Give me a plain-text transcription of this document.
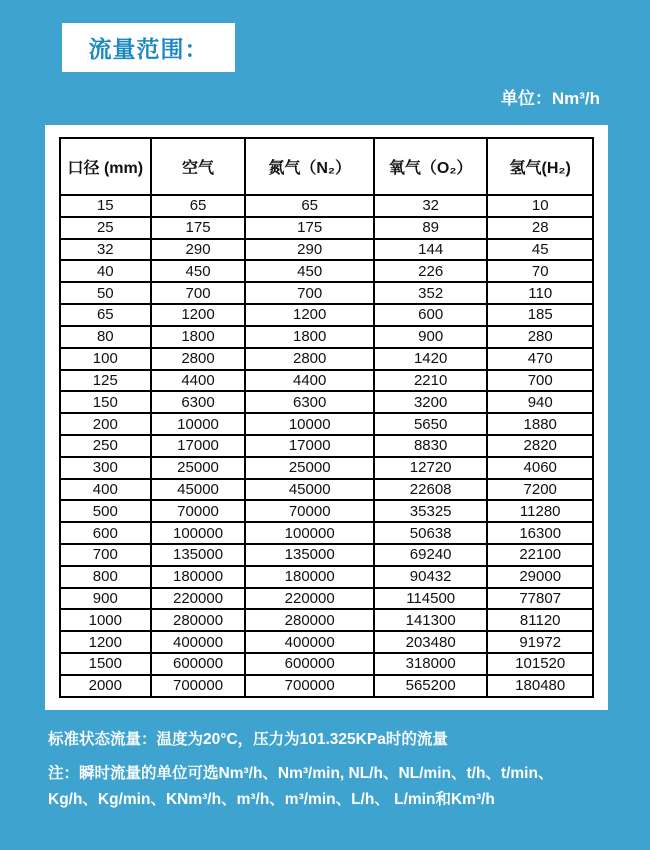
流量范围：
单位：Nm³/h
口径 (mm)	空气	氮气（N₂）	氧气（O₂）	氢气(H₂)
15	65	65	32	10
25	175	175	89	28
32	290	290	144	45
40	450	450	226	70
50	700	700	352	110
65	1200	1200	600	185
80	1800	1800	900	280
100	2800	2800	1420	470
125	4400	4400	2210	700
150	6300	6300	3200	940
200	10000	10000	5650	1880
250	17000	17000	8830	2820
300	25000	25000	12720	4060
400	45000	45000	22608	7200
500	70000	70000	35325	11280
600	100000	100000	50638	16300
700	135000	135000	69240	22100
800	180000	180000	90432	29000
900	220000	220000	114500	77807
1000	280000	280000	141300	81120
1200	400000	400000	203480	91972
1500	600000	600000	318000	101520
2000	700000	700000	565200	180480
标准状态流量：温度为20°C，压力为101.325KPa时的流量
注：瞬时流量的单位可选Nm³/h、Nm³/min, NL/h、NL/min、t/h、t/min、
Kg/h、Kg/min、KNm³/h、m³/h、m³/min、L/h、 L/min和Km³/h
